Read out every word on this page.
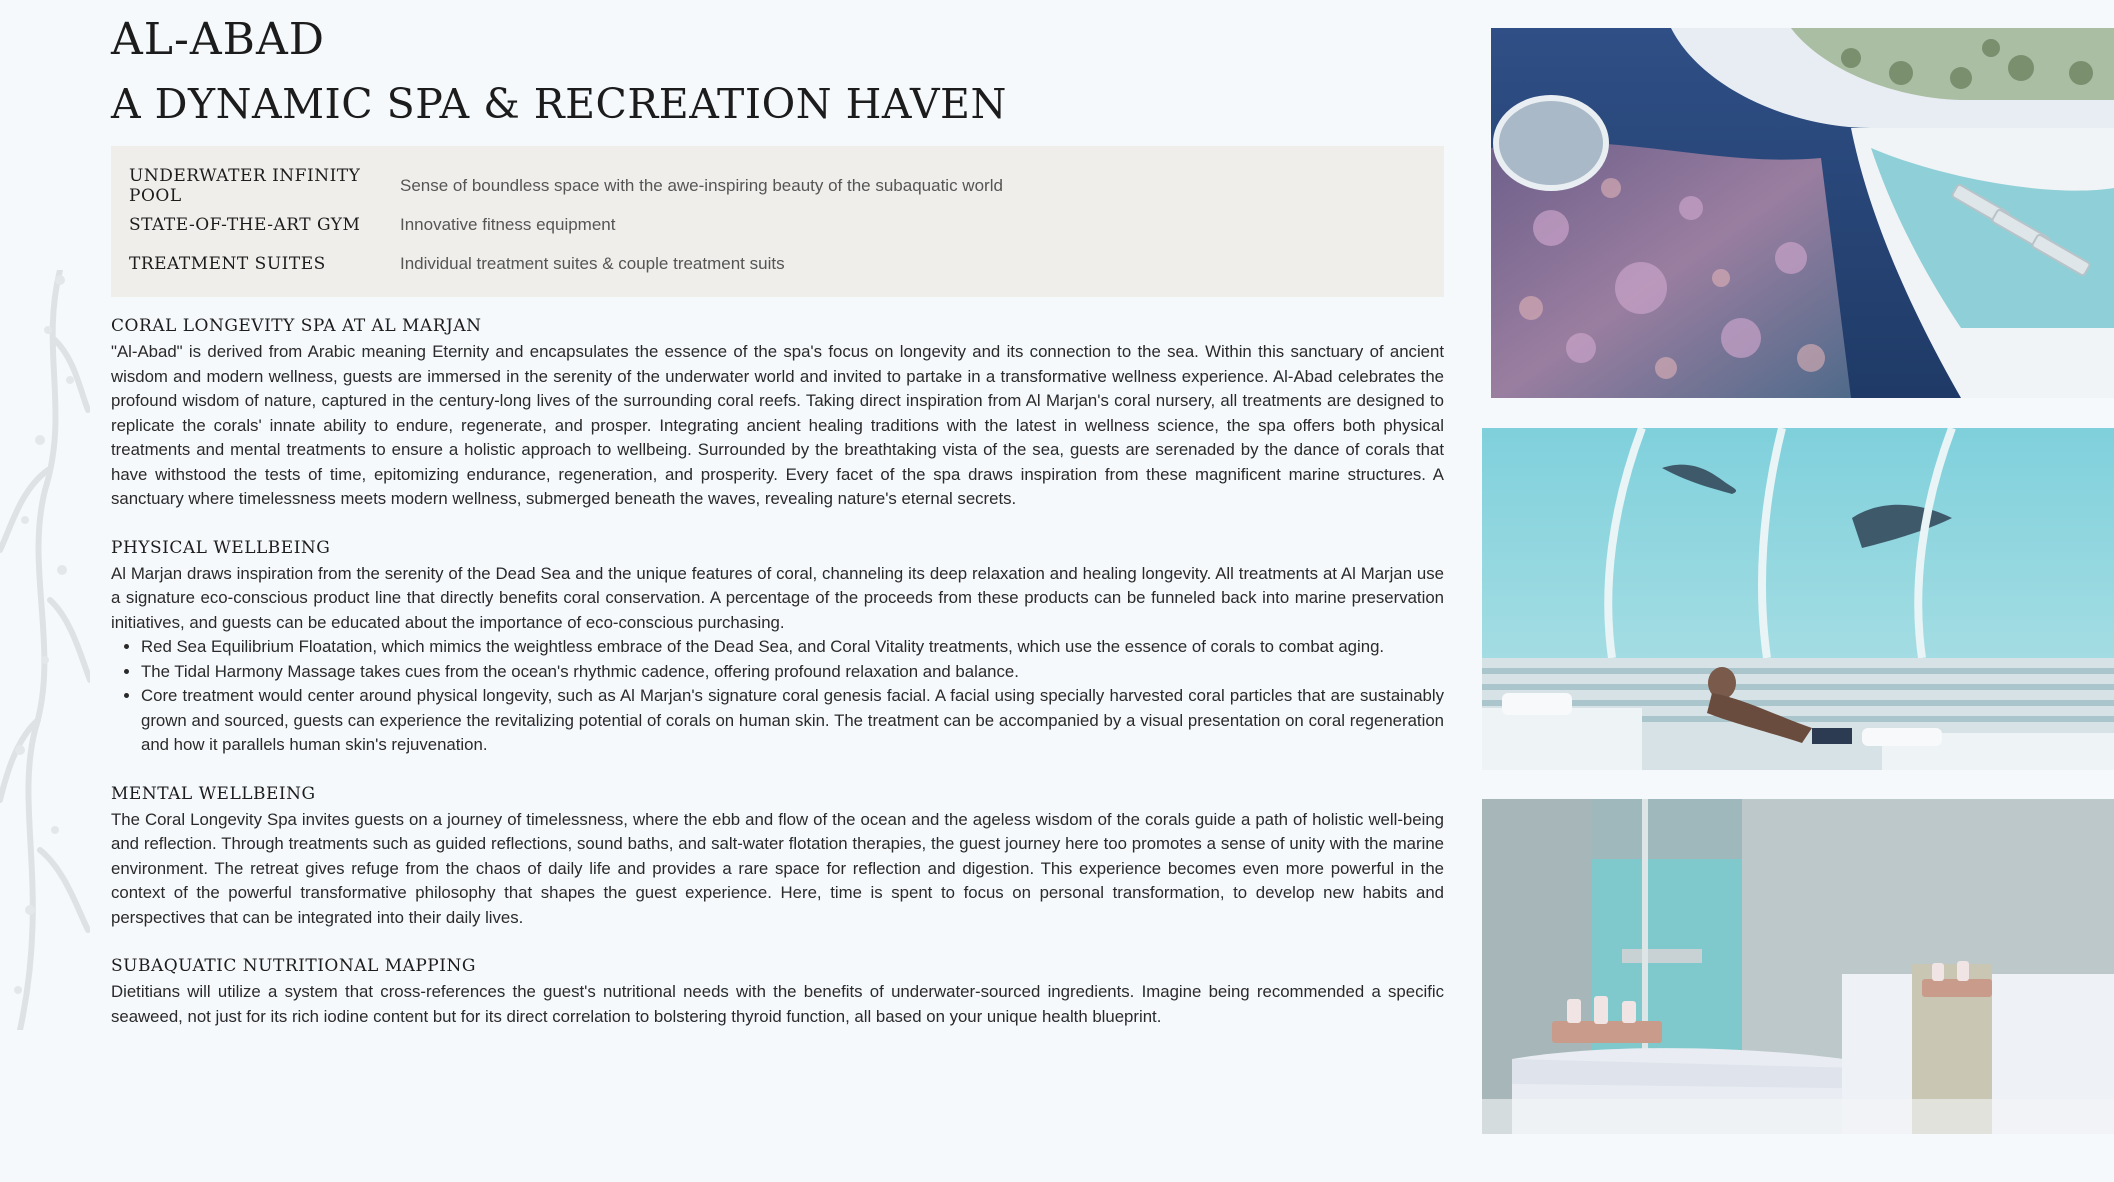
AL-ABAD
A DYNAMIC SPA & RECREATION HAVEN
UNDERWATER INFINITY POOL
Sense of boundless space with the awe-inspiring beauty of the subaquatic world
STATE-OF-THE-ART GYM	Innovative fitness equipment
TREATMENT SUITES	Individual treatment suites & couple treatment suits
CORAL LONGEVITY SPA AT AL MARJAN

"Al-Abad" is derived from Arabic meaning Eternity and encapsulates the essence of the spa's focus on longevity and its connection to the sea. Within this sanctuary of ancient wisdom and modern wellness, guests are immersed in the serenity of the underwater world and invited to partake in a transformative wellness experience. Al-Abad celebrates the profound wisdom of nature, captured in the century-long lives of the surrounding coral reefs. Taking direct inspiration from Al Marjan's coral nursery, all treatments are designed to replicate the corals' innate ability to endure, regenerate, and prosper. Integrating ancient healing traditions with the latest in wellness science, the spa offers both physical treatments and mental treatments to ensure a holistic approach to wellbeing. Surrounded by the breathtaking vista of the sea, guests are serenaded by the dance of corals that have withstood the tests of time, epitomizing endurance, regeneration, and prosperity. Every facet of the spa draws inspiration from these magnificent marine structures. A sanctuary where timelessness meets modern wellness, submerged beneath the waves, revealing nature's eternal secrets.

PHYSICAL WELLBEING

Al Marjan draws inspiration from the serenity of the Dead Sea and the unique features of coral, channeling its deep relaxation and healing longevity. All treatments at Al Marjan use a signature eco-conscious product line that directly benefits coral conservation. A percentage of the proceeds from these products can be funneled back into marine preservation initiatives, and guests can be educated about the importance of eco-conscious purchasing.

• Red Sea Equilibrium Floatation, which mimics the weightless embrace of the Dead Sea, and Coral Vitality treatments, which use the essence of corals to combat aging.
• The Tidal Harmony Massage takes cues from the ocean's rhythmic cadence, offering profound relaxation and balance.
• Core treatment would center around physical longevity, such as Al Marjan's signature coral genesis facial. A facial using specially harvested coral particles that are sustainably grown and sourced, guests can experience the revitalizing potential of corals on human skin. The treatment can be accompanied by a visual presentation on coral regeneration and how it parallels human skin's rejuvenation.
MENTAL WELLBEING

The Coral Longevity Spa invites guests on a journey of timelessness, where the ebb and flow of the ocean and the ageless wisdom of the corals guide a path of holistic well-being and reflection. Through treatments such as guided reflections, sound baths, and salt-water flotation therapies, the guest journey here too promotes a sense of unity with the marine environment. The retreat gives refuge from the chaos of daily life and provides a rare space for reflection and digestion. This experience becomes even more powerful in the context of the powerful transformative philosophy that shapes the guest experience. Here, time is spent to focus on personal transformation, to develop new habits and perspectives that can be integrated into their daily lives.

SUBAQUATIC NUTRITIONAL MAPPING

Dietitians will utilize a system that cross-references the guest's nutritional needs with the benefits of underwater-sourced ingredients. Imagine being recommended a specific seaweed, not just for its rich iodine content but for its direct correlation to bolstering thyroid function, all based on your unique health blueprint.
